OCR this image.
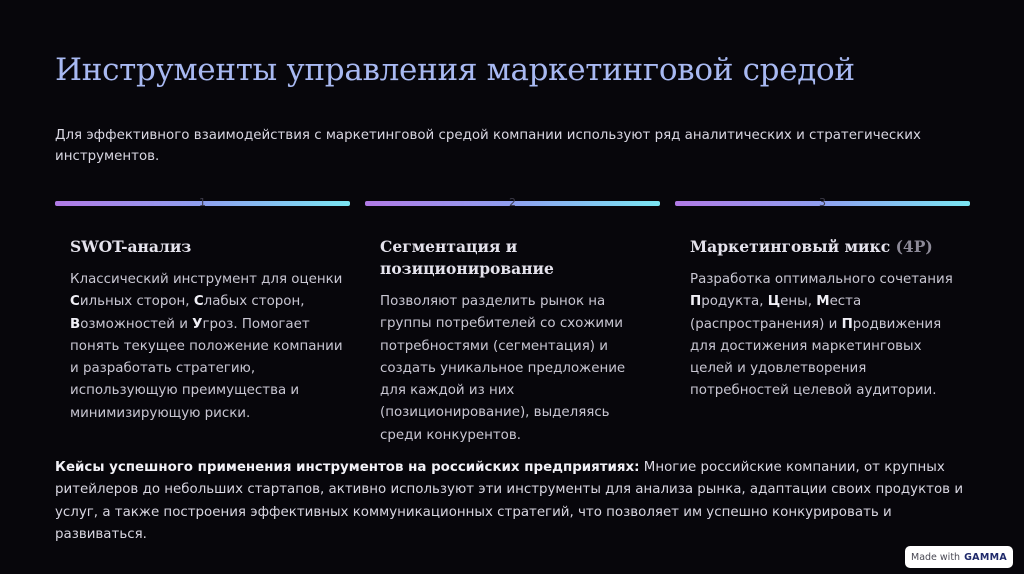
Инструменты управления маркетинговой средой

Для эффективного взаимодействия с маркетинговой средой компании используют ряд аналитических и стратегических инструментов.

1
SWOT-анализ

Классический инструмент для оценки Сильных сторон, Слабых сторон, Возможностей и Угроз. Помогает понять текущее положение компании и разработать стратегию, использующую преимущества и минимизирующую риски.

2
Сегментация и позиционирование

Позволяют разделить рынок на группы потребителей со схожими потребностями (сегментация) и создать уникальное предложение для каждой из них (позиционирование), выделяясь среди конкурентов.

3
Маркетинговый микс (4P)

Разработка оптимального сочетания Продукта, Цены, Места (распространения) и Продвижения для достижения маркетинговых целей и удовлетворения потребностей целевой аудитории.

Кейсы успешного применения инструментов на российских предприятиях: Многие российские компании, от крупных ритейлеров до небольших стартапов, активно используют эти инструменты для анализа рынка, адаптации своих продуктов и услуг, а также построения эффективных коммуникационных стратегий, что позволяет им успешно конкурировать и развиваться.

Made with GAMMA
